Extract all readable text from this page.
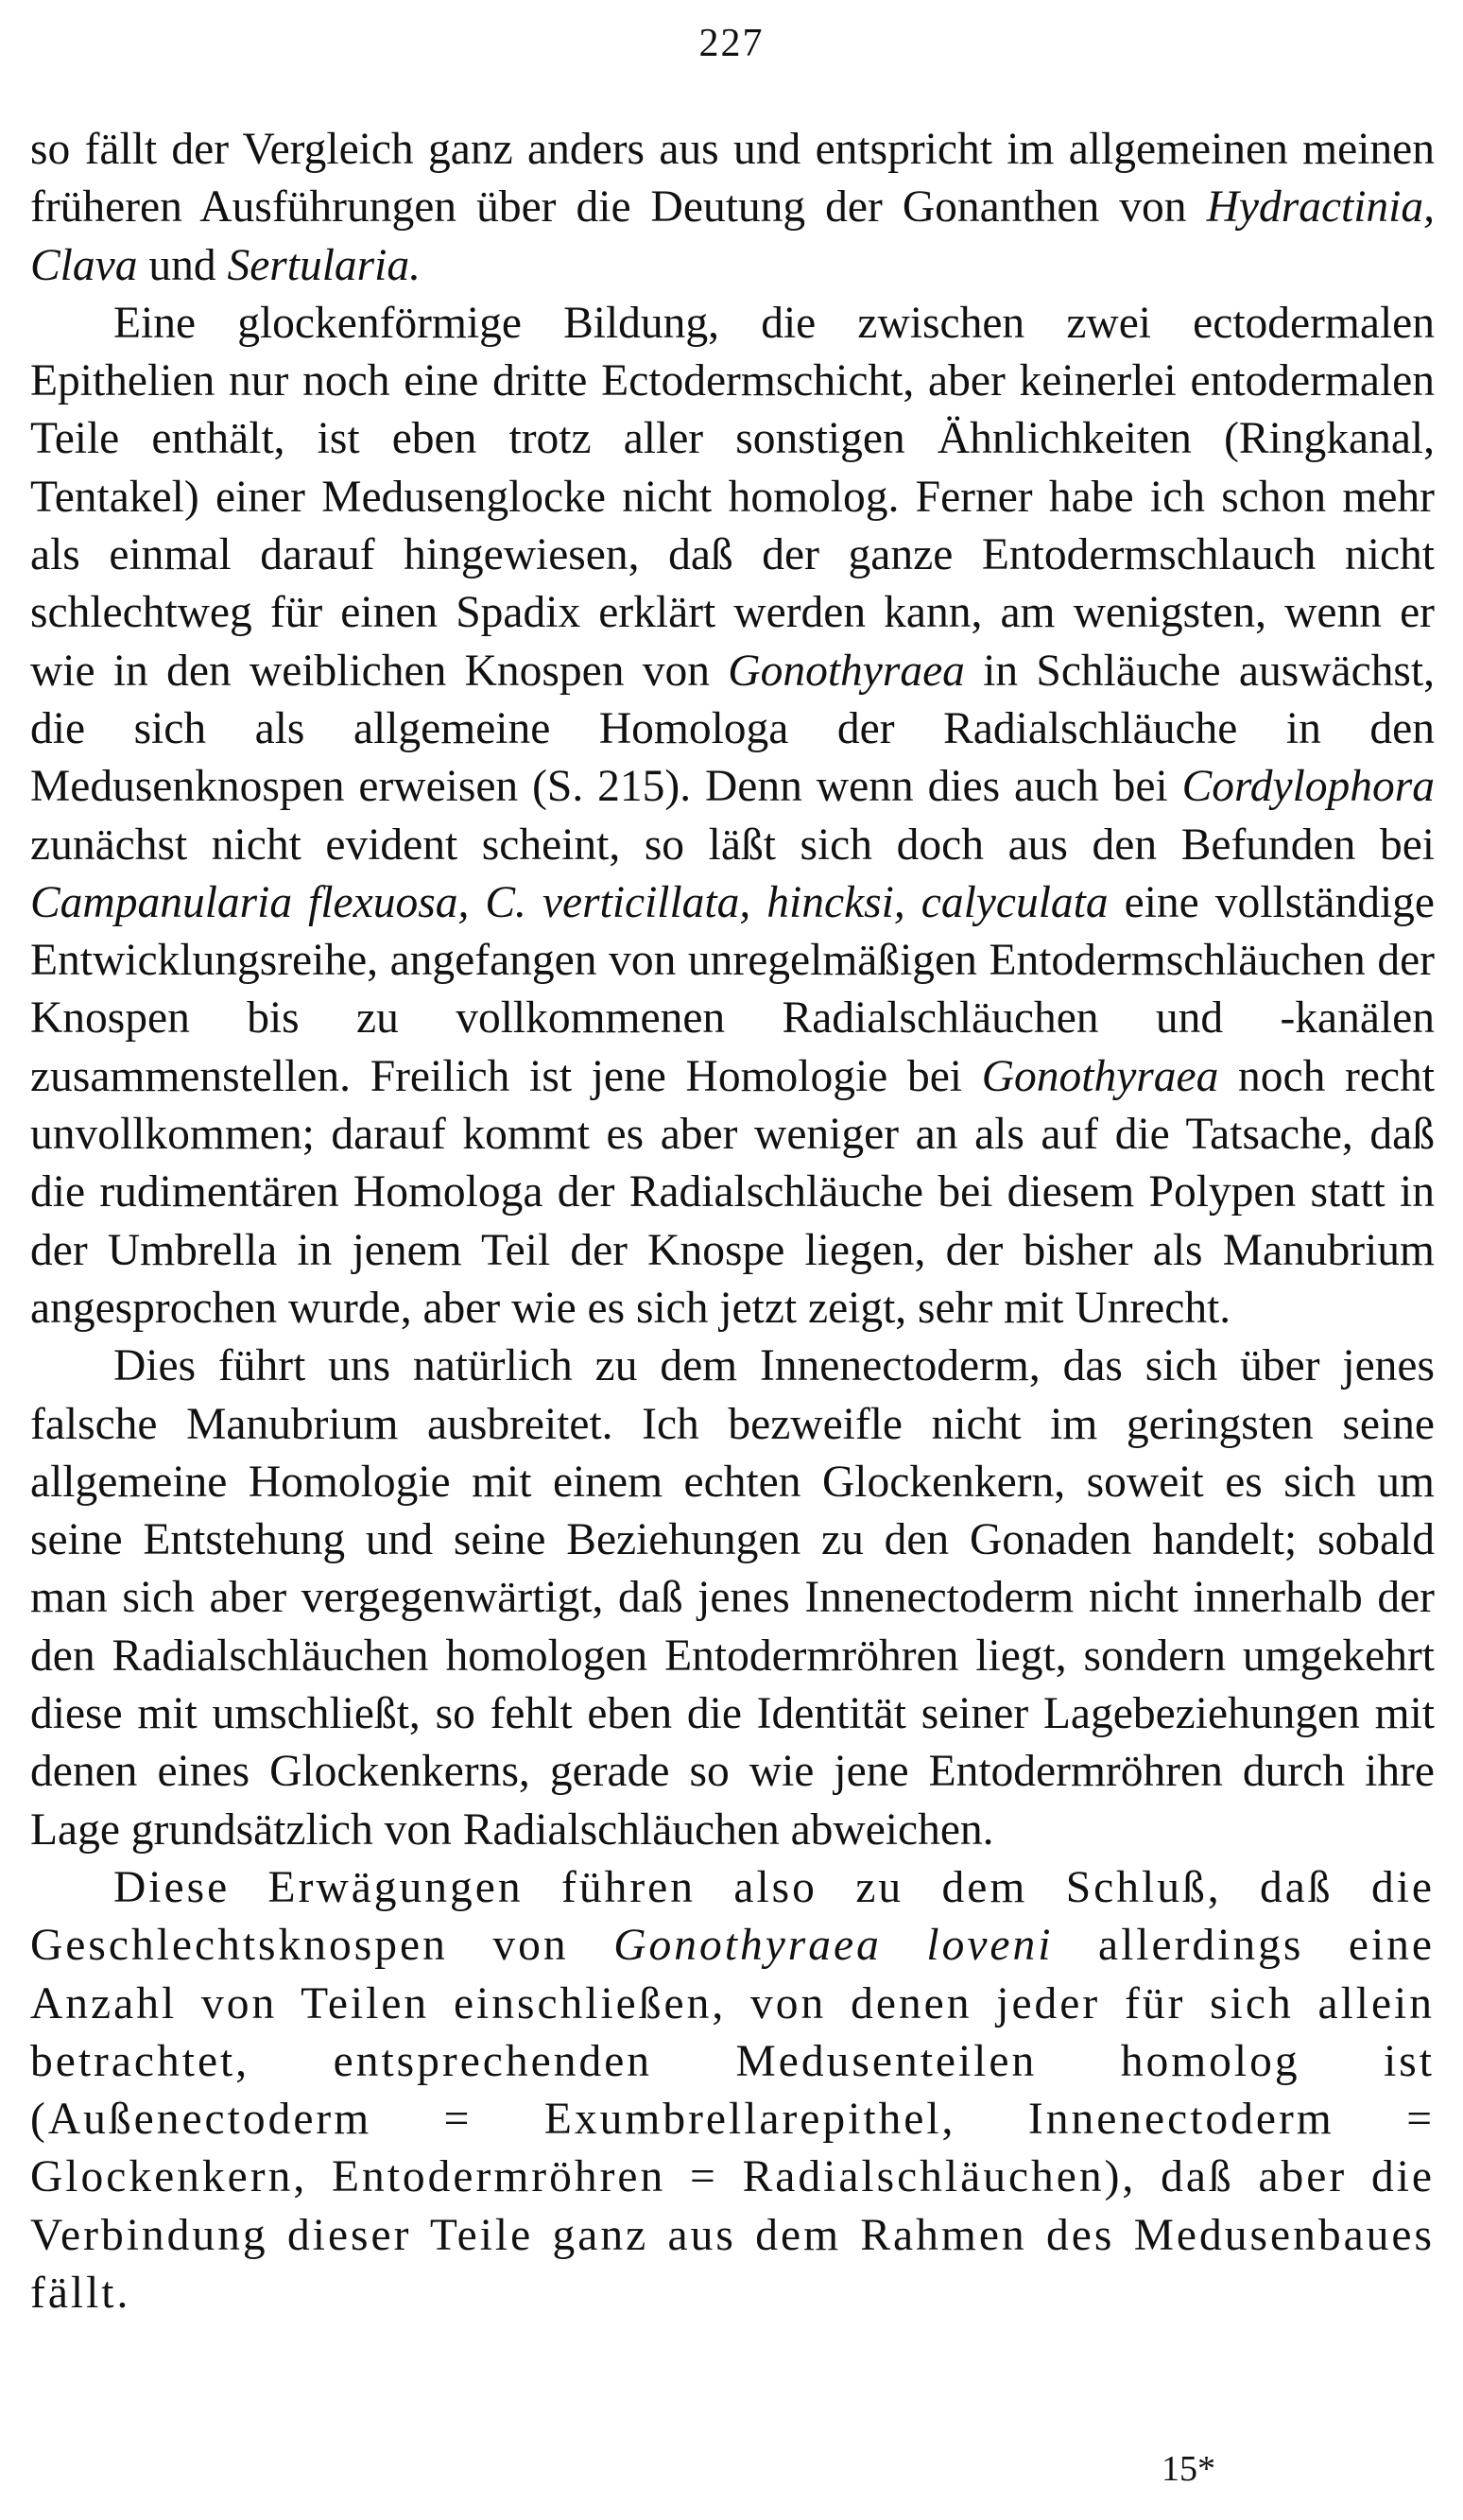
227

so fällt der Vergleich ganz anders aus und entspricht im allgemeinen meinen früheren Ausführungen über die Deutung der Gonanthen von Hydractinia, Clava und Sertularia.

Eine glockenförmige Bildung, die zwischen zwei ectodermalen Epithelien nur noch eine dritte Ectodermschicht, aber keinerlei entodermalen Teile enthält, ist eben trotz aller sonstigen Ähnlichkeiten (Ringkanal, Tentakel) einer Medusenglocke nicht homolog. Ferner habe ich schon mehr als einmal darauf hingewiesen, daß der ganze Entodermschlauch nicht schlechtweg für einen Spadix erklärt werden kann, am wenigsten, wenn er wie in den weiblichen Knospen von Gonothyraea in Schläuche auswächst, die sich als allgemeine Homologa der Radialschläuche in den Medusenknospen erweisen (S. 215). Denn wenn dies auch bei Cordylophora zunächst nicht evident scheint, so läßt sich doch aus den Befunden bei Campanularia flexuosa, C. verticillata, hincksi, calyculata eine vollständige Entwicklungsreihe, angefangen von unregelmäßigen Entodermschläuchen der Knospen bis zu vollkommenen Radialschläuchen und -kanälen zusammenstellen. Freilich ist jene Homologie bei Gonothyraea noch recht unvollkommen; darauf kommt es aber weniger an als auf die Tatsache, daß die rudimentären Homologa der Radialschläuche bei diesem Polypen statt in der Umbrella in jenem Teil der Knospe liegen, der bisher als Manubrium angesprochen wurde, aber wie es sich jetzt zeigt, sehr mit Unrecht.

Dies führt uns natürlich zu dem Innenectoderm, das sich über jenes falsche Manubrium ausbreitet. Ich bezweifle nicht im geringsten seine allgemeine Homologie mit einem echten Glockenkern, soweit es sich um seine Entstehung und seine Beziehungen zu den Gonaden handelt; sobald man sich aber vergegenwärtigt, daß jenes Innenectoderm nicht innerhalb der den Radialschläuchen homologen Entodermröhren liegt, sondern umgekehrt diese mit umschließt, so fehlt eben die Identität seiner Lagebeziehungen mit denen eines Glockenkerns, gerade so wie jene Entodermröhren durch ihre Lage grundsätzlich von Radialschläuchen abweichen.

Diese Erwägungen führen also zu dem Schluß, daß die Geschlechtsknospen von Gonothyraea loveni allerdings eine Anzahl von Teilen einschließen, von denen jeder für sich allein betrachtet, entsprechenden Medusenteilen homolog ist (Außenectoderm = Exumbrellarepithel, Innenectoderm = Glockenkern, Entodermröhren = Radialschläuchen), daß aber die Verbindung dieser Teile ganz aus dem Rahmen des Medusenbaues fällt.

15*
